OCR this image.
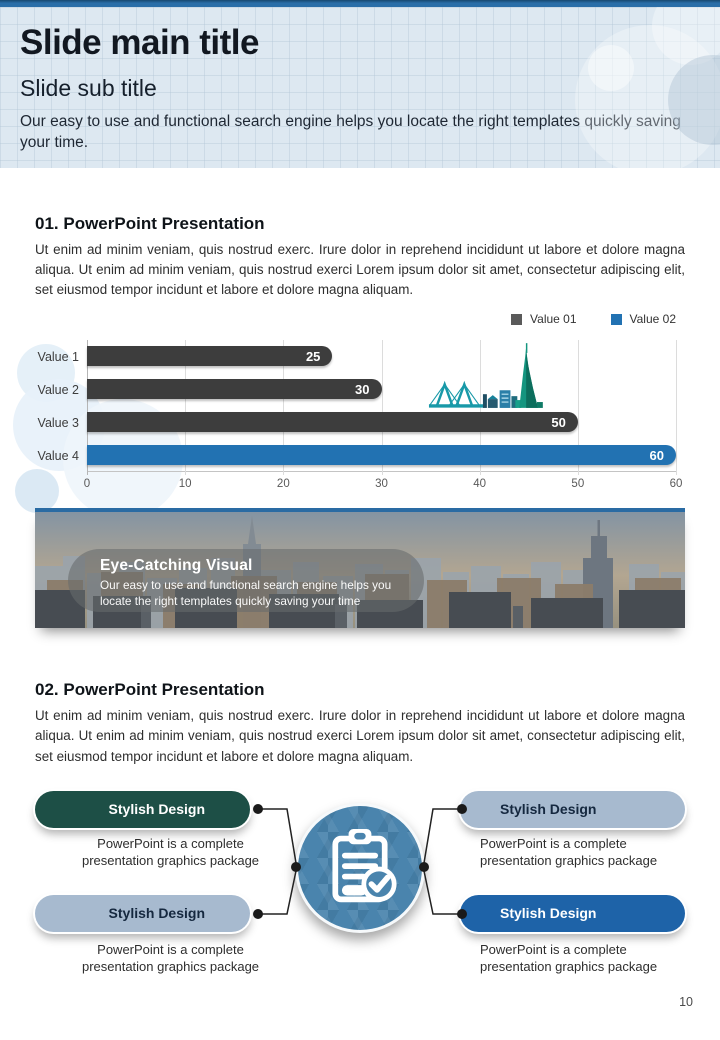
Slide main title
Slide sub title

Our easy to use and functional search engine helps you locate the right templates quickly saving your time.

01. PowerPoint Presentation

Ut enim ad minim veniam, quis nostrud exerc. Irure dolor in reprehend incididunt ut labore et dolore magna aliqua. Ut enim ad minim veniam, quis nostrud exerci Lorem ipsum dolor sit amet, consectetur adipiscing elit, set eiusmod tempor incidunt et labore et dolore magna aliquam.

Value 01	Value 02
Value 1	25
Value 2	30
Value 3	50
Value 4	60
0	10	20	30	40	50	60
Eye-Catching Visual

Our easy to use and functional search engine helps you locate the right templates quickly saving your time

02. PowerPoint Presentation

Ut enim ad minim veniam, quis nostrud exerc. Irure dolor in reprehend incididunt ut labore et dolore magna aliqua. Ut enim ad minim veniam, quis nostrud exerci Lorem ipsum dolor sit amet, consectetur adipiscing elit, set eiusmod tempor incidunt et labore et dolore magna aliquam.

Stylish Design
PowerPoint is a complete presentation graphics package
Stylish Design
PowerPoint is a complete presentation graphics package
Stylish Design
PowerPoint is a complete presentation graphics package
Stylish Design
PowerPoint is a complete presentation graphics package
10
